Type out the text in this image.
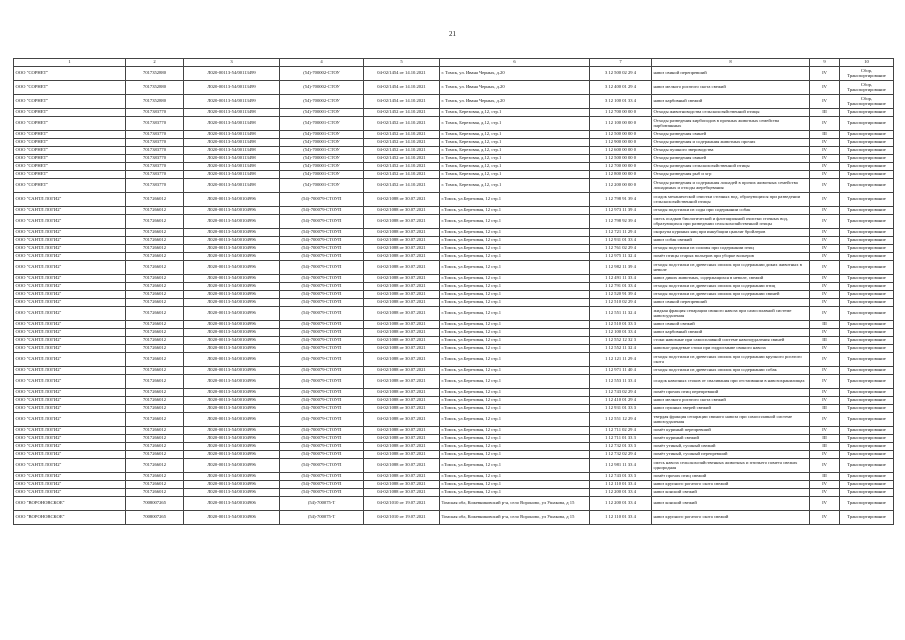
21
1	2	3	4	5	6	7	8	9	10
ООО "СОРНЕТ"	7017352880	Л020-00113-54/00113499	(54)-700002-СТОУ	04-02/1454 от 14.10.2021	г. Томск, ул. Ивана Черных, д.20	3 12 500 02 29 4	навоз свиной перепревший	IV	Сбор, Транспортирование
ООО "СОРНЕТ"	7017352880	Л020-00113-54/00113499	(54)-700002-СТОУ	04-02/1454 от 14.10.2021	г. Томск, ул. Ивана Черных, д.20	3 12 400 01 29 4	навоз мелкого рогатого скота свежий	IV	Сбор, Транспортирование
ООО "СОРНЕТ"	7017352880	Л020-00113-54/00113499	(54)-700002-СТОУ	04-02/1454 от 14.10.2021	г. Томск, ул. Ивана Черных, д.20	3 12 100 01 33 4	навоз карбовный свежий	IV	Сбор, Транспортирование
ООО "СОРНЕТ"	7017383770	Л020-00113-54/00113498	(54)-700001-СТОУ	04-02/1452 от 14.10.2021	г. Томск, Березовая, д.12, стр.1	1 12 700 00 00 0	Отходы животноводства сельскохозяйственной птицы	III	Транспортирование
ООО "СОРНЕТ"	7017383770	Л020-00113-54/00113498	(54)-700001-СТОУ	04-02/1452 от 14.10.2021	г. Томск, Березовая, д.12, стр.1	1 12 100 00 00 0	Отходы разведения кирбоподов в прочных животных семейства парбовзянных	IV	Транспортирование
ООО "СОРНЕТ"	7017383770	Л020-00113-54/00113498	(54)-700001-СТОУ	04-02/1452 от 14.10.2021	г. Томск, Березовая, д.12, стр.1	1 12 500 00 00 0	Отходы разведения свиней	III	Транспортирование
ООО "СОРНЕТ"	7017383770	Л020-00113-54/00113498	(54)-700001-СТОУ	04-02/1452 от 14.10.2021	г. Томск, Березовая, д.12, стр.1	1 12 900 00 00 0	Отходы разведения и содержания животных прочих	IV	Транспортирование
ООО "СОРНЕТ"	7017383770	Л020-00113-54/00113498	(54)-700001-СТОУ	04-02/1452 от 14.10.2021	г. Томск, Березовая, д.12, стр.1	1 12 600 00 00 0	Отходы пушного звероводства	IV	Транспортирование
ООО "СОРНЕТ"	7017383770	Л020-00113-54/00113498	(54)-700001-СТОУ	04-02/1452 от 14.10.2021	г. Томск, Березовая, д.12, стр.1	1 12 500 00 00 0	Отходы разведения свиней	IV	Транспортирование
ООО "СОРНЕТ"	7017383770	Л020-00113-54/00113498	(54)-700001-СТОУ	04-02/1452 от 14.10.2021	г. Томск, Березовая, д.12, стр.1	1 12 700 00 00 0	Отходы разведения сельскохозяйственной птицы	IV	Транспортирование
ООО "СОРНЕТ"	7017383770	Л020-00113-54/00113498	(54)-700001-СТОУ	04-02/1452 от 14.10.2021	г. Томск, Березовая, д.12, стр.1	1 12 800 00 00 0	Отходы разведения рыб и хгр	IV	Транспортирование
ООО "СОРНЕТ"	7017383770	Л020-00113-54/00113498	(54)-700001-СТОУ	04-02/1452 от 14.10.2021	г. Томск, Березовая, д.12, стр.1	1 12 200 00 00 0	Отходы разведения и содержания лошадей в прочих животных семейства лошадиных и отходы жеребцевания	IV	Транспортирование
ООО "САНТЛ ЛОГИ2"	7017266012	Л020-00113-54/00104996	(54)-700079-СТОУП	04-02/1088 от 30.07.2021	г.Томск, ул.Березовая, 12 стр.1	1 12 798 91 39 4	осадок механической очистки сточных вод, образующихся при разведении сельскохозяйственной птицы	IV	Транспортирование
ООО "САНТЛ ЛОГИ2"	7017266012	Л020-00113-54/00104996	(54)-700079-СТОУП	04-02/1088 от 30.07.2021	г.Томск, ул.Березовая, 12 стр.1	1 12 973 11 39 4	отходы подстилки из соды при содержании собак	IV	Транспортирование
ООО "САНТЛ ЛОГИ2"	7017266012	Л020-00113-54/00104996	(54)-700079-СТОУП	04-02/1088 от 30.07.2021	г.Томск, ул.Березовая, 12 стр.1	1 12 798 92 39 4	смесь осадков биологической и флотационной очистки сточных вод, образующихся при разведении сельскохозяйственной птицы	IV	Транспортирование
ООО "САНТЛ ЛОГИ2"	7017266012	Л020-00113-54/00104996	(54)-700079-СТОУП	04-02/1088 от 30.07.2021	г.Томск, ул.Березовая, 12 стр.1	1 12 721 11 29 4	скорлупа куриных яиц при инкубации цыплят бройлеров	IV	Транспортирование
ООО "САНТЛ ЛОГИ2"	7017266012	Л020-00113-54/00104996	(54)-700079-СТОУП	04-02/1088 от 30.07.2021	г.Томск, ул.Березовая, 12 стр.1	1 12 931 01 33 4	навоз собак свежий	IV	Транспортирование
ООО "САНТЛ ЛОГИ2"	7017266012	Л020-00113-54/00104996	(54)-700079-СТОУП	04-02/1088 от 30.07.2021	г.Томск, ул.Березовая, 12 стр.1	1 12 761 02 29 4	отходы подстилки из соломы при содержании птиц	IV	Транспортирование
ООО "САНТЛ ЛОГИ2"	7017266012	Л020-00113-54/00104996	(54)-700079-СТОУП	04-02/1088 от 30.07.2021	г.Томск, ул.Березовая, 12 стр.1	1 12 975 11 32 4	помёт птицы старых вольеров при уборке вольеров	IV	Транспортирование
ООО "САНТЛ ЛОГИ2"	7017266012	Л020-00113-54/00104996	(54)-700079-СТОУП	04-02/1088 от 30.07.2021	г.Томск, ул.Березовая, 12 стр.1	1 12 982 11 39 4	отходы подстилки из древесных опилок при содержании диких животных в неволе	IV	Транспортирование
ООО "САНТЛ ЛОГИ2"	7017266012	Л020-00113-54/00104996	(54)-700079-СТОУП	04-02/1088 от 30.07.2021	г.Томск, ул.Березовая, 12 стр.1	1 12 491 11 33 4	навоз диких животных, содержащихся в неволе, свежий	IV	Транспортирование
ООО "САНТЛ ЛОГИ2"	7017266012	Л020-00113-54/00104996	(54)-700079-СТОУП	04-02/1088 от 30.07.2021	г.Томск, ул.Березовая, 12 стр.1	1 12 791 01 33 4	отходы подстилки из древесных опилок при содержании птиц	IV	Транспортирование
ООО "САНТЛ ЛОГИ2"	7017266012	Л020-00113-54/00104996	(54)-700079-СТОУП	04-02/1088 от 30.07.2021	г.Томск, ул.Березовая, 12 стр.1	1 12 520 91 39 4	отходы подстилки из древесных опилок при содержании свиней	IV	Транспортирование
ООО "САНТЛ ЛОГИ2"	7017266012	Л020-00113-54/00104996	(54)-700079-СТОУП	04-02/1088 от 30.07.2021	г.Томск, ул.Березовая, 12 стр.1	1 12 510 02 29 4	навоз свиной перепревший	IV	Транспортирование
ООО "САНТЛ ЛОГИ2"	7017266012	Л020-00113-54/00104996	(54)-700079-СТОУП	04-02/1088 от 30.07.2021	г.Томск, ул.Березовая, 12 стр.1	1 12 551 11 32 4	жидкая фракция сепарации свиного навоза при самосплавной системе навозоудаления	IV	Транспортирование
ООО "САНТЛ ЛОГИ2"	7017266012	Л020-00113-54/00104996	(54)-700079-СТОУП	04-02/1088 от 30.07.2021	г.Томск, ул.Березовая, 12 стр.1	1 12 510 01 33 3	навоз свиной свежий	III	Транспортирование
ООО "САНТЛ ЛОГИ2"	7017266012	Л020-00113-54/00104996	(54)-700079-СТОУП	04-02/1088 от 30.07.2021	г.Томск, ул.Березовая, 12 стр.1	1 12 100 01 33 4	навоз карбовный свежий	IV	Транспортирование
ООО "САНТЛ ЛОГИ2"	7017266012	Л020-00113-54/00104996	(54)-700079-СТОУП	04-02/1088 от 30.07.2021	г.Томск, ул.Березовая, 12 стр.1	1 12 552 12 32 3	стоки навозные при самосплавной системе навозоудаления свиней	III	Транспортирование
ООО "САНТЛ ЛОГИ2"	7017266012	Л020-00113-54/00104996	(54)-700079-СТОУП	04-02/1088 от 30.07.2021	г.Томск, ул.Березовая, 12 стр.1	1 12 552 11 32 4	навозно-дождевые стоки при гидросмыве свиного навоза	IV	Транспортирование
ООО "САНТЛ ЛОГИ2"	7017266012	Л020-00113-54/00104996	(54)-700079-СТОУП	04-02/1088 от 30.07.2021	г.Томск, ул.Березовая, 12 стр.1	1 12 121 11 29 4	отходы подстилки из древесных опилок при содержании крупного рогатого скота	IV	Транспортирование
ООО "САНТЛ ЛОГИ2"	7017266012	Л020-00113-54/00104996	(54)-700079-СТОУП	04-02/1088 от 30.07.2021	г.Томск, ул.Березовая, 12 стр.1	1 12 971 11 40 4	отходы подстилки из древесных опилок при содержании собак	IV	Транспортирование
ООО "САНТЛ ЛОГИ2"	7017266012	Л020-00113-54/00104996	(54)-700079-СТОУП	04-02/1088 от 30.07.2021	г.Томск, ул.Березовая, 12 стр.1	1 12 553 11 33 4	осадок навозных стоков от сваливания при отстаивании в навозохранилищах	IV	Транспортирование
ООО "САНТЛ ЛОГИ2"	7017266012	Л020-00113-54/00104996	(54)-700079-СТОУП	04-02/1088 от 30.07.2021	г.Томск, ул.Березовая, 12 стр.1	1 12 743 02 29 4	помёт прочих птиц перепревший	IV	Транспортирование
ООО "САНТЛ ЛОГИ2"	7017266012	Л020-00113-54/00104996	(54)-700079-СТОУП	04-02/1088 от 30.07.2021	г.Томск, ул.Березовая, 12 стр.1	1 12 410 01 29 4	навоз мелкого рогатого скота свежий	IV	Транспортирование
ООО "САНТЛ ЛОГИ2"	7017266012	Л020-00113-54/00104996	(54)-700079-СТОУП	04-02/1088 от 30.07.2021	г.Томск, ул.Березовая, 12 стр.1	1 12 931 01 33 3	навоз пушных зверей свежий	III	Транспортирование
ООО "САНТЛ ЛОГИ2"	7017266012	Л020-00113-54/00104996	(54)-700079-СТОУП	04-02/1088 от 30.07.2021	г.Томск, ул.Березовая, 12 стр.1	1 12 551 12 29 4	твердая фракция сепарации свиного навоза при самосплавной системе навозоудаления	IV	Транспортирование
ООО "САНТЛ ЛОГИ2"	7017266012	Л020-00113-54/00104996	(54)-700079-СТОУП	04-02/1088 от 30.07.2021	г.Томск, ул.Березовая, 12 стр.1	1 12 711 02 29 4	помёт куриный перепревший	IV	Транспортирование
ООО "САНТЛ ЛОГИ2"	7017266012	Л020-00113-54/00104996	(54)-700079-СТОУП	04-02/1088 от 30.07.2021	г.Томск, ул.Березовая, 12 стр.1	1 12 711 01 33 3	помёт куриный свежий	III	Транспортирование
ООО "САНТЛ ЛОГИ2"	7017266012	Л020-00113-54/00104996	(54)-700079-СТОУП	04-02/1088 от 30.07.2021	г.Томск, ул.Березовая, 12 стр.1	1 12 732 01 33 3	помёт утиный, гусиный свежий	III	Транспортирование
ООО "САНТЛ ЛОГИ2"	7017266012	Л020-00113-54/00104996	(54)-700079-СТОУП	04-02/1088 от 30.07.2021	г.Томск, ул.Березовая, 12 стр.1	1 12 732 02 29 4	помёт утиный, гусиный перепревший	IV	Транспортирование
ООО "САНТЛ ЛОГИ2"	7017266012	Л020-00113-54/00104996	(54)-700079-СТОУП	04-02/1088 от 30.07.2021	г.Томск, ул.Березовая, 12 стр.1	1 12 981 11 33 4	смесь навоза сельскохозяйственных животных и птичьего помета свежих однородная	IV	Транспортирование
ООО "САНТЛ ЛОГИ2"	7017266012	Л020-00113-54/00104996	(54)-700079-СТОУП	04-02/1088 от 30.07.2021	г.Томск, ул.Березовая, 12 стр.1	1 12 743 01 33 3	помёт прочих птиц свежий	III	Транспортирование
ООО "САНТЛ ЛОГИ2"	7017266012	Л020-00113-54/00104996	(54)-700079-СТОУП	04-02/1088 от 30.07.2021	г.Томск, ул.Березовая, 12 стр.1	1 12 110 01 33 4	навоз крупного рогатого скота свежий	IV	Транспортирование
ООО "САНТЛ ЛОГИ2"	7017266012	Л020-00113-54/00104996	(54)-700079-СТОУП	04-02/1088 от 30.07.2021	г.Томск, ул.Березовая, 12 стр.1	1 12 200 01 33 4	навоз конский свежий	IV	Транспортирование
ООО "ВОРОНОВСКОЕ"	7008007265	Л020-00113-54/00104906	(54)-700075-Т	04-02/1010 от 19.07.2021	Томская обл, Кожевниковский р-н, село Вороново, ул Ушакова, д 15	1 12 200 01 33 4	навоз конский свежий	IV	Транспортирование
ООО "ВОРОНОВСКОЕ"	7008007265	Л020-00113-54/00104906	(54)-700075-Т	04-02/1010 от 19.07.2021	Томская обл, Кожевниковский р-н, село Вороново, ул Ушакова, д 15	1 12 110 01 33 4	навоз крупного рогатого скота свежий	IV	Транспортирование
